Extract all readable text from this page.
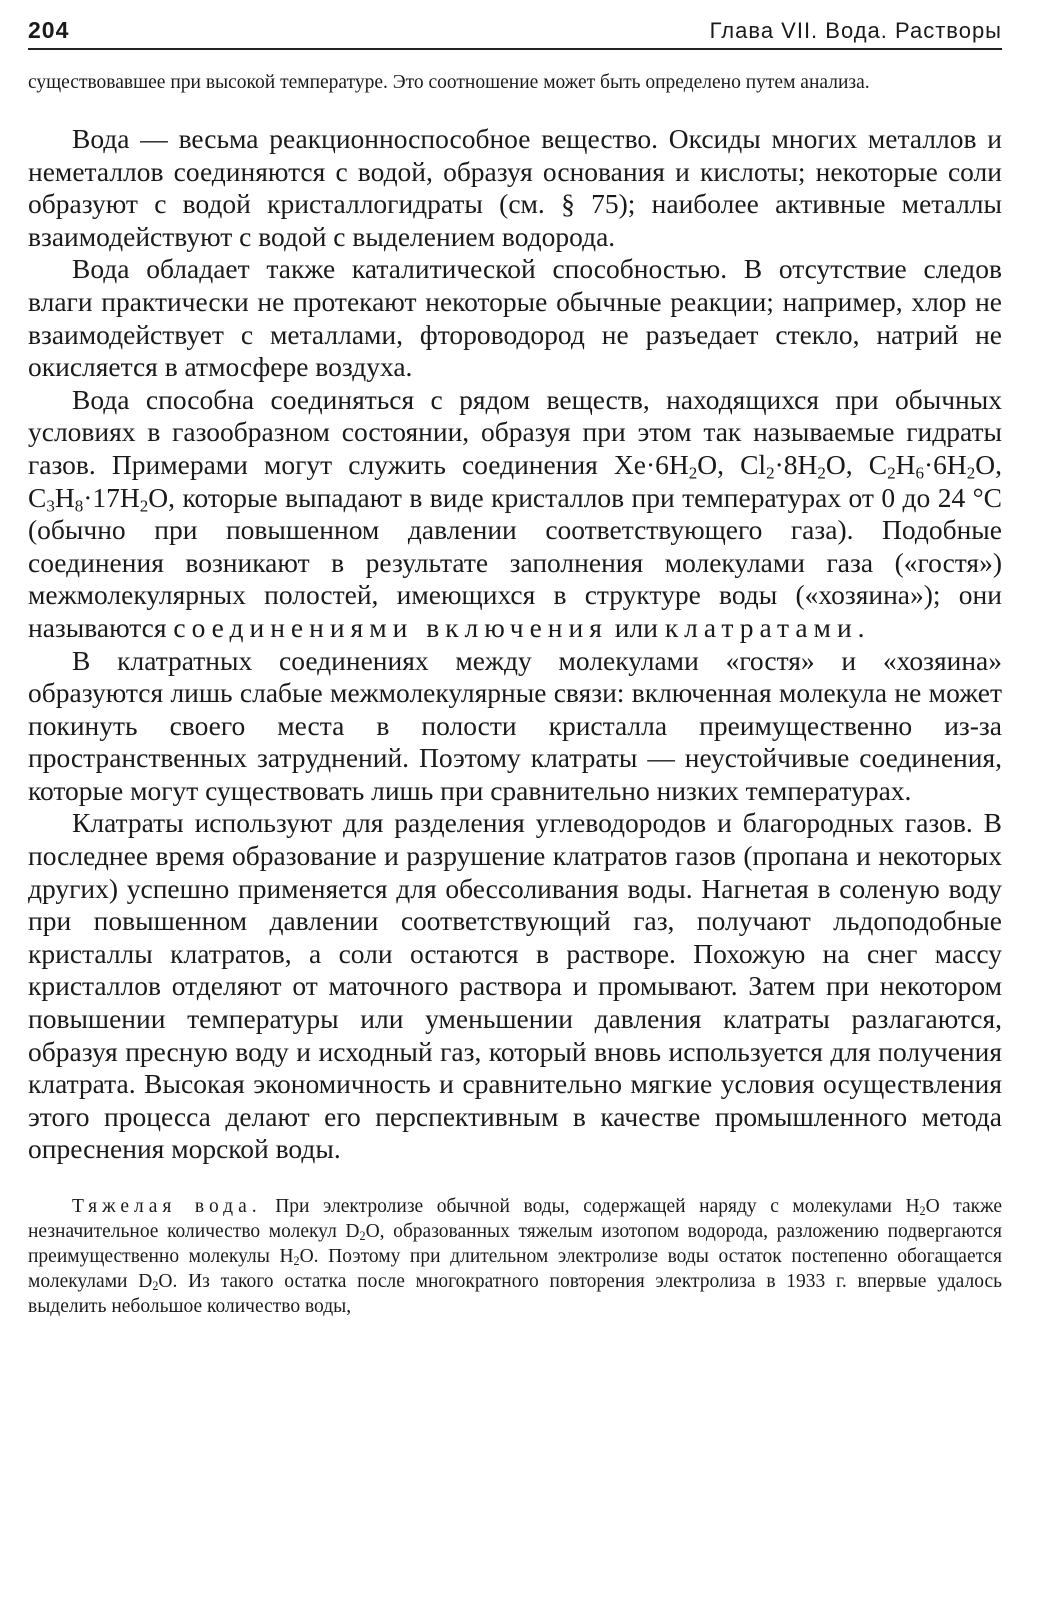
204	Глава VII. Вода. Растворы

существовавшее при высокой температуре. Это соотношение может быть определено путем анализа.

Вода — весьма реакционноспособное вещество. Оксиды многих металлов и неметаллов соединяются с водой, образуя основания и кислоты; некоторые соли образуют с водой кристаллогидраты (см. § 75); наиболее активные металлы взаимодействуют с водой с выделением водорода.

Вода обладает также каталитической способностью. В отсутствие следов влаги практически не протекают некоторые обычные реакции; например, хлор не взаимодействует с металлами, фтороводород не разъедает стекло, натрий не окисляется в атмосфере воздуха.

Вода способна соединяться с рядом веществ, находящихся при обычных условиях в газообразном состоянии, образуя при этом так называемые гидраты газов. Примерами могут служить соединения $Xe\cdot 6H_2O$, $Cl_2\cdot 8H_2O$, $C_2H_6\cdot 6H_2O$, $C_3H_8\cdot 17H_2O$, которые выпадают в виде кристаллов при температурах от 0 до 24 °С (обычно при повышенном давлении соответствующего газа). Подобные соединения возникают в результате заполнения молекулами газа («гостя») межмолекулярных полостей, имеющихся в структуре воды («хозяина»); они называются соединениями включения или клатратами.

В клатратных соединениях между молекулами «гостя» и «хозяина» образуются лишь слабые межмолекулярные связи: включенная молекула не может покинуть своего места в полости кристалла преимущественно из-за пространственных затруднений. Поэтому клатраты — неустойчивые соединения, которые могут существовать лишь при сравнительно низких температурах.

Клатраты используют для разделения углеводородов и благородных газов. В последнее время образование и разрушение клатратов газов (пропана и некоторых других) успешно применяется для обессоливания воды. Нагнетая в соленую воду при повышенном давлении соответствующий газ, получают льдоподобные кристаллы клатратов, а соли остаются в растворе. Похожую на снег массу кристаллов отделяют от маточного раствора и промывают. Затем при некотором повышении температуры или уменьшении давления клатраты разлагаются, образуя пресную воду и исходный газ, который вновь используется для получения клатрата. Высокая экономичность и сравнительно мягкие условия осуществления этого процесса делают его перспективным в качестве промышленного метода опреснения морской воды.

Тяжелая вода. При электролизе обычной воды, содержащей наряду с молекулами $H_2O$ также незначительное количество молекул $D_2O$, образованных тяжелым изотопом водорода, разложению подвергаются преимущественно молекулы $H_2O$. Поэтому при длительном электролизе воды остаток постепенно обогащается молекулами $D_2O$. Из такого остатка после многократного повторения электролиза в 1933 г. впервые удалось выделить небольшое количество воды,
